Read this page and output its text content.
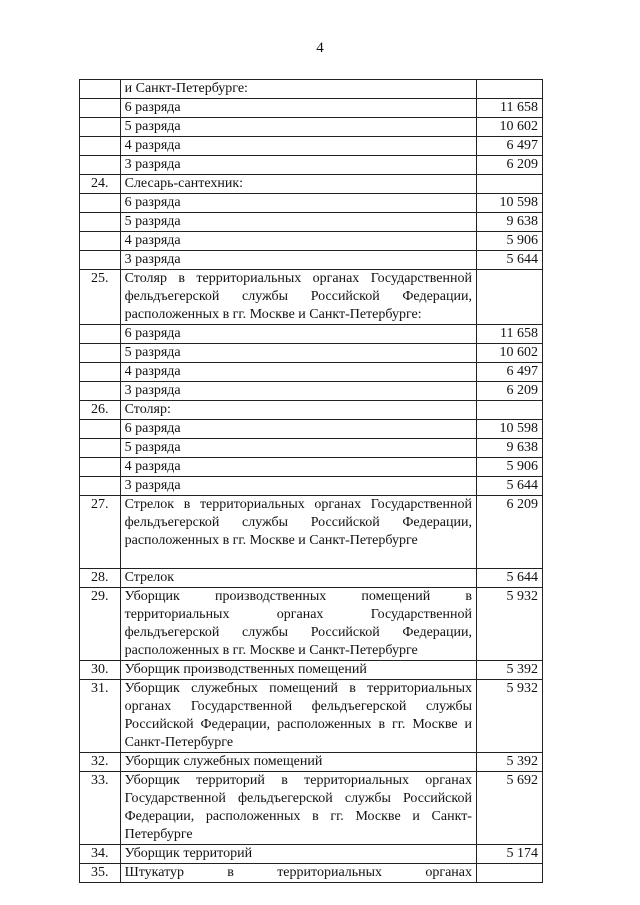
4
	и Санкт-Петербурге:	
	6 разряда	11 658
	5 разряда	10 602
	4 разряда	6 497
	3 разряда	6 209
24.	Слесарь-сантехник:	
	6 разряда	10 598
	5 разряда	9 638
	4 разряда	5 906
	3 разряда	5 644
25.	Столяр в территориальных органах Государственной фельдъегерской службы Российской Федерации, расположенных в гг. Москве и Санкт-Петербурге:	
	6 разряда	11 658
	5 разряда	10 602
	4 разряда	6 497
	3 разряда	6 209
26.	Столяр:	
	6 разряда	10 598
	5 разряда	9 638
	4 разряда	5 906
	3 разряда	5 644
27.	Стрелок в территориальных органах Государственной фельдъегерской службы Российской Федерации, расположенных в гг. Москве и Санкт-Петербурге	6 209
28.	Стрелок	5 644
29.	Уборщик производственных помещений в территориальных органах Государственной фельдъегерской службы Российской Федерации, расположенных в гг. Москве и Санкт-Петербурге	5 932
30.	Уборщик производственных помещений	5 392
31.	Уборщик служебных помещений в территориальных органах Государственной фельдъегерской службы Российской Федерации, расположенных в гг. Москве и Санкт-Петербурге	5 932
32.	Уборщик служебных помещений	5 392
33.	Уборщик территорий в территориальных органах Государственной фельдъегерской службы Российской Федерации, расположенных в гг. Москве и Санкт-Петербурге	5 692
34.	Уборщик территорий	5 174
35.	Штукатур в территориальных органах	
